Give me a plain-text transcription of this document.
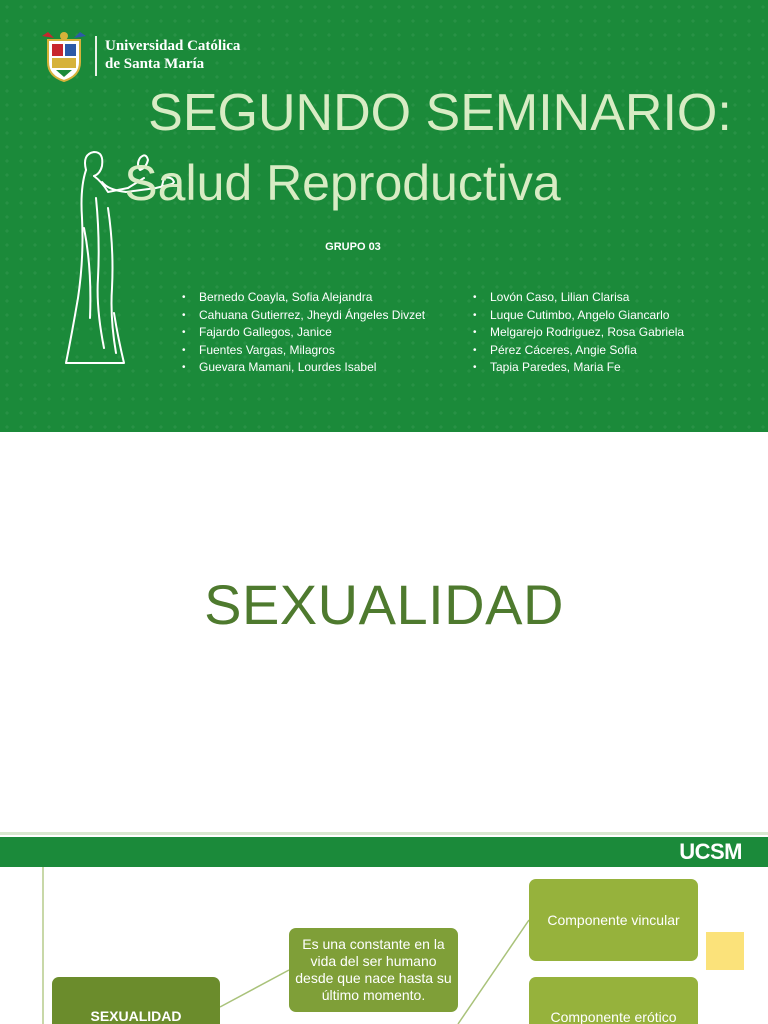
Universidad Católica
de Santa María
SEGUNDO SEMINARIO:
Salud Reproductiva
GRUPO 03
• Bernedo Coayla, Sofia Alejandra
• Cahuana Gutierrez, Jheydi Ángeles Divzet
• Fajardo Gallegos, Janice
• Fuentes Vargas, Milagros
• Guevara Mamani, Lourdes Isabel
• Lovón Caso, Lilian Clarisa
• Luque Cutimbo, Angelo Giancarlo
• Melgarejo Rodriguez, Rosa Gabriela
• Pérez Cáceres, Angie Sofia
• Tapia Paredes, Maria Fe
SEXUALIDAD
UCSM
SEXUALIDAD
Es una constante en la vida del ser humano desde que nace hasta su último momento.
Componente vincular
Componente erótico
